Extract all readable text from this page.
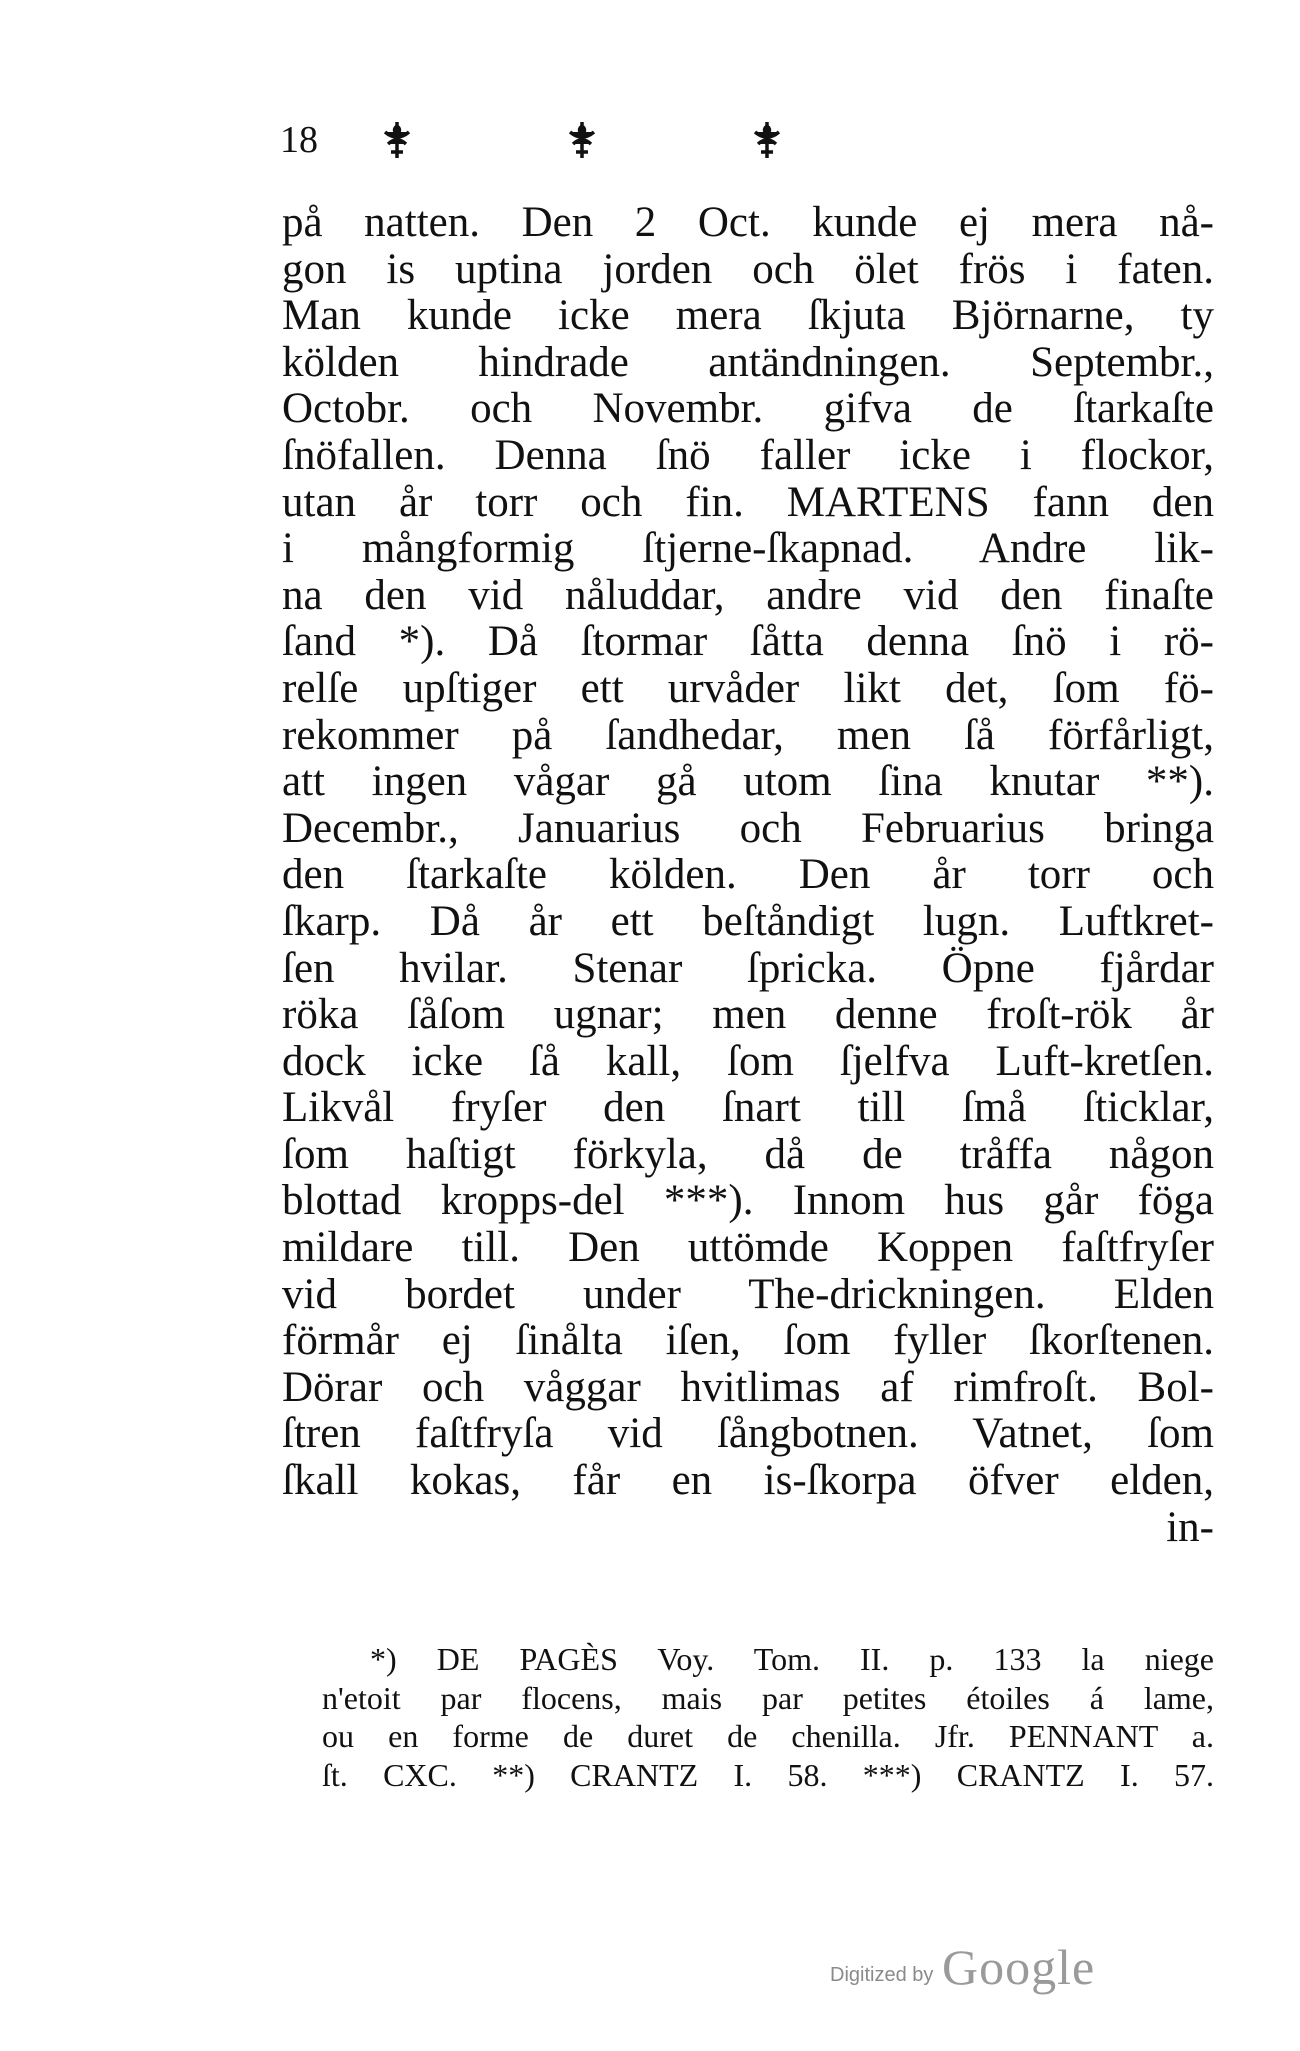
18
på natten. Den 2 Oct. kunde ej mera nå-
gon is uptina jorden och ölet frös i faten.
Man kunde icke mera ſkjuta Björnarne, ty
kölden hindrade antändningen. Septembr.,
Octobr. och Novembr. gifva de ſtarkaſte
ſnöfallen. Denna ſnö faller icke i flockor,
utan år torr och fin. MARTENS fann den
i mångformig ſtjerne-ſkapnad. Andre lik-
na den vid nåluddar, andre vid den finaſte
ſand *). Då ſtormar ſåtta denna ſnö i rö-
relſe upſtiger ett urvåder likt det, ſom fö-
rekommer på ſandhedar, men ſå förfårligt,
att ingen vågar gå utom ſina knutar **).
Decembr., Januarius och Februarius bringa
den ſtarkaſte kölden. Den år torr och
ſkarp. Då år ett beſtåndigt lugn. Luftkret-
ſen hvilar. Stenar ſpricka. Öpne fjårdar
röka ſåſom ugnar; men denne froſt-rök år
dock icke ſå kall, ſom ſjelfva Luft-kretſen.
Likvål fryſer den ſnart till ſmå ſticklar,
ſom haſtigt förkyla, då de tråffa någon
blottad kropps-del ***). Innom hus går föga
mildare till. Den uttömde Koppen faſtfryſer
vid bordet under The-drickningen. Elden
förmår ej ſinålta iſen, ſom fyller ſkorſtenen.
Dörar och våggar hvitlimas af rimfroſt. Bol-
ſtren faſtfryſa vid ſångbotnen. Vatnet, ſom
ſkall kokas, får en is-ſkorpa öfver elden,
in-
*) DE PAGÈS Voy. Tom. II. p. 133 la niege
n'etoit par flocens, mais par petites étoiles á lame,
ou en forme de duret de chenilla. Jfr. PENNANT a.
ſt. CXC. **) CRANTZ I. 58. ***) CRANTZ I. 57.
Digitized by Google
